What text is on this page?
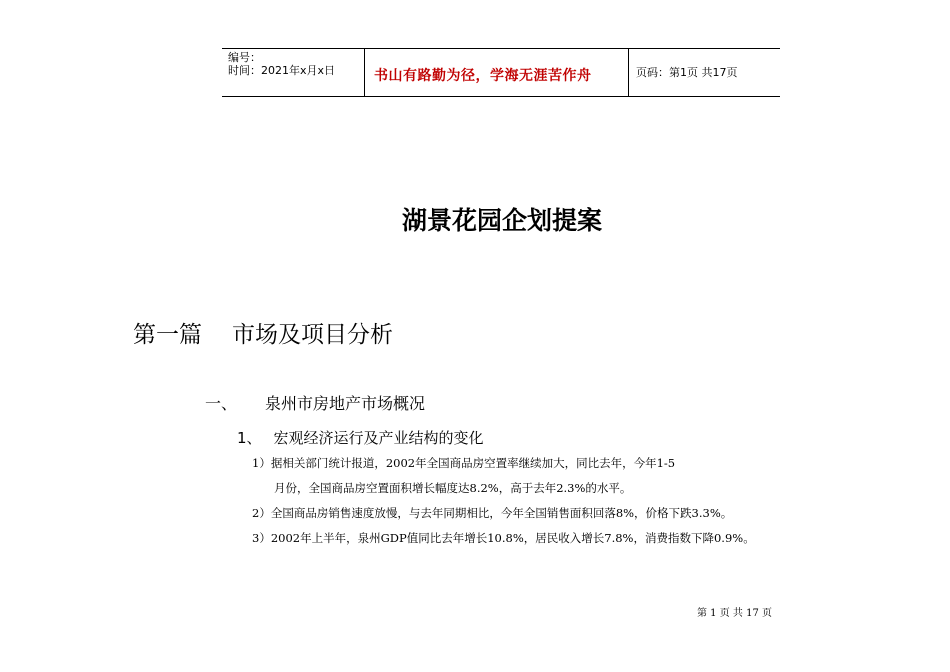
编号：
时间：2021年x月x日	书山有路勤为径，学海无涯苦作舟	页码：第1页 共17页
湖景花园企划提案
第一篇 市场及项目分析
一、 泉州市房地产市场概况
1、 宏观经济运行及产业结构的变化
1）据相关部门统计报道，2002年全国商品房空置率继续加大，同比去年，今年1-5
月份，全国商品房空置面积增长幅度达8.2%，高于去年2.3%的水平。
2）全国商品房销售速度放慢，与去年同期相比，今年全国销售面积回落8%，价格下跌3.3%。
3）2002年上半年，泉州GDP值同比去年增长10.8%，居民收入增长7.8%，消费指数下降0.9%。
第 1 页 共 17 页
